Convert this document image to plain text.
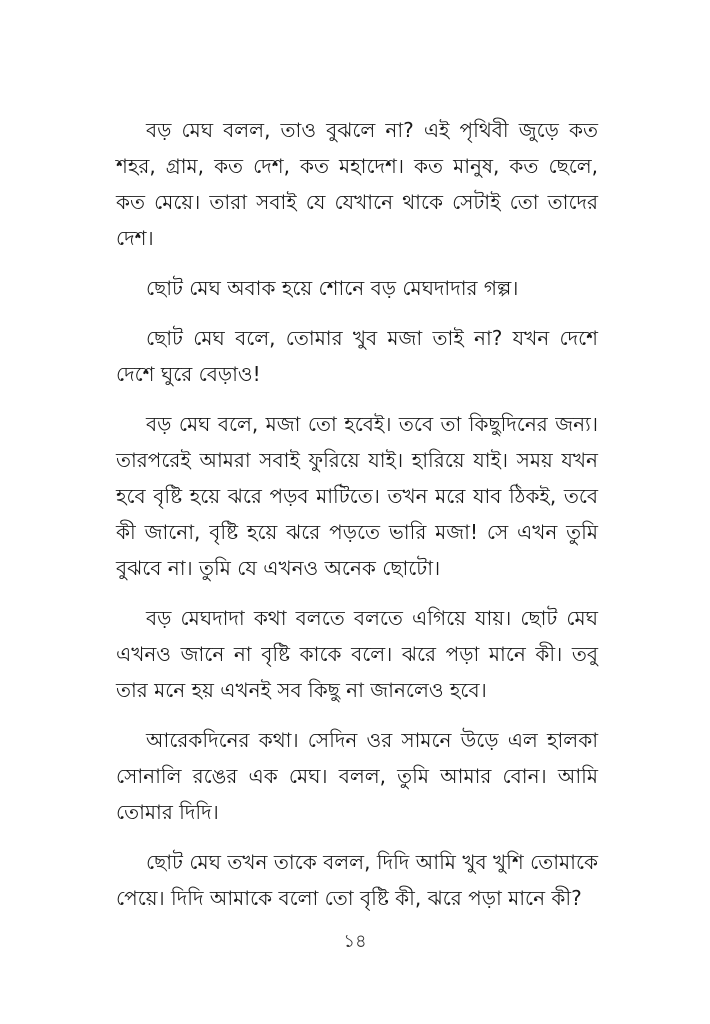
বড় মেঘ বলল, তাও বুঝলে না? এই পৃথিবী জুড়ে কত শহর, গ্রাম, কত দেশ, কত মহাদেশ। কত মানুষ, কত ছেলে, কত মেয়ে। তারা সবাই যে যেখানে থাকে সেটাই তো তাদের দেশ।

ছোট মেঘ অবাক হয়ে শোনে বড় মেঘদাদার গল্প।

ছোট মেঘ বলে, তোমার খুব মজা তাই না? যখন দেশে দেশে ঘুরে বেড়াও!

বড় মেঘ বলে, মজা তো হবেই। তবে তা কিছুদিনের জন্য। তারপরেই আমরা সবাই ফুরিয়ে যাই। হারিয়ে যাই। সময় যখন হবে বৃষ্টি হয়ে ঝরে পড়ব মাটিতে। তখন মরে যাব ঠিকই, তবে কী জানো, বৃষ্টি হয়ে ঝরে পড়তে ভারি মজা! সে এখন তুমি বুঝবে না। তুমি যে এখনও অনেক ছোটো।

বড় মেঘদাদা কথা বলতে বলতে এগিয়ে যায়। ছোট মেঘ এখনও জানে না বৃষ্টি কাকে বলে। ঝরে পড়া মানে কী। তবু তার মনে হয় এখনই সব কিছু না জানলেও হবে।

আরেকদিনের কথা। সেদিন ওর সামনে উড়ে এল হালকা সোনালি রঙের এক মেঘ। বলল, তুমি আমার বোন। আমি তোমার দিদি।

ছোট মেঘ তখন তাকে বলল, দিদি আমি খুব খুশি তোমাকে পেয়ে। দিদি আমাকে বলো তো বৃষ্টি কী, ঝরে পড়া মানে কী?

১৪
